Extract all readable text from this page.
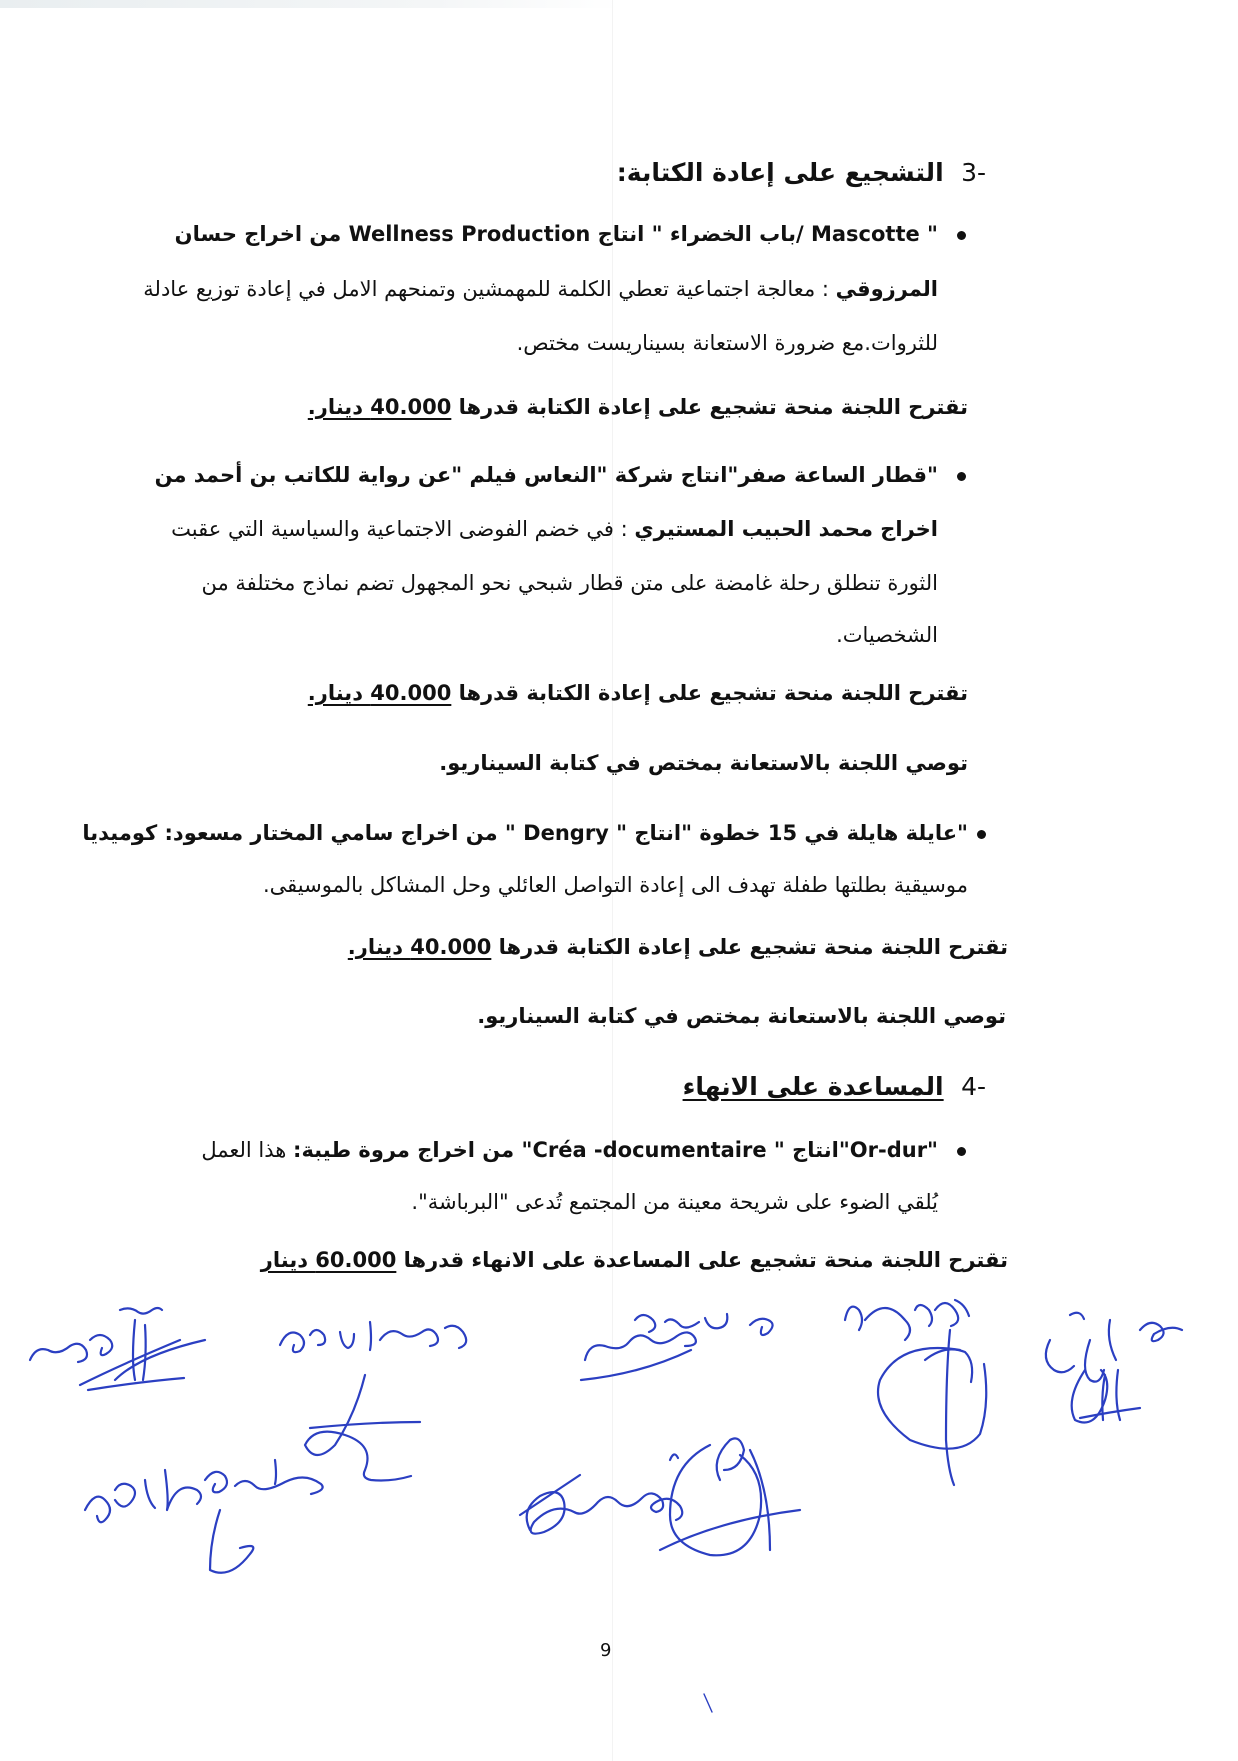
-3  التشجيع على إعادة الكتابة:
" Mascotte /باب الخضراء " انتاج Wellness Production من اخراج حسان
المرزوقي : معالجة اجتماعية تعطي الكلمة للمهمشين وتمنحهم الامل في إعادة توزيع عادلة
للثروات.مع ضرورة الاستعانة بسيناريست مختص.
تقترح اللجنة منحة تشجيع على إعادة الكتابة قدرها 40.000 دينار.
"قطار الساعة صفر"انتاج شركة "النعاس فيلم "عن رواية للكاتب بن أحمد من
اخراج محمد الحبيب المستيري : في خضم الفوضى الاجتماعية والسياسية التي عقبت
الثورة تنطلق رحلة غامضة على متن قطار شبحي نحو المجهول تضم نماذج مختلفة من
الشخصيات.
تقترح اللجنة منحة تشجيع على إعادة الكتابة قدرها 40.000 دينار.
توصي اللجنة بالاستعانة بمختص في كتابة السيناريو.
"عايلة هايلة في 15 خطوة "انتاج " Dengry " من اخراج سامي المختار مسعود: كوميديا
موسيقية بطلتها طفلة تهدف الى إعادة التواصل العائلي وحل المشاكل بالموسيقى.
تقترح اللجنة منحة تشجيع على إعادة الكتابة قدرها 40.000 دينار.
توصي اللجنة بالاستعانة بمختص في كتابة السيناريو.
-4  المساعدة على الانهاء
"Or-dur"انتاج " Créa -documentaire" من اخراج مروة طيبة: هذا العمل
يُلقي الضوء على شريحة معينة من المجتمع تُدعى "البرباشة".
تقترح اللجنة منحة تشجيع على المساعدة على الانهاء قدرها 60.000 دينار
9
